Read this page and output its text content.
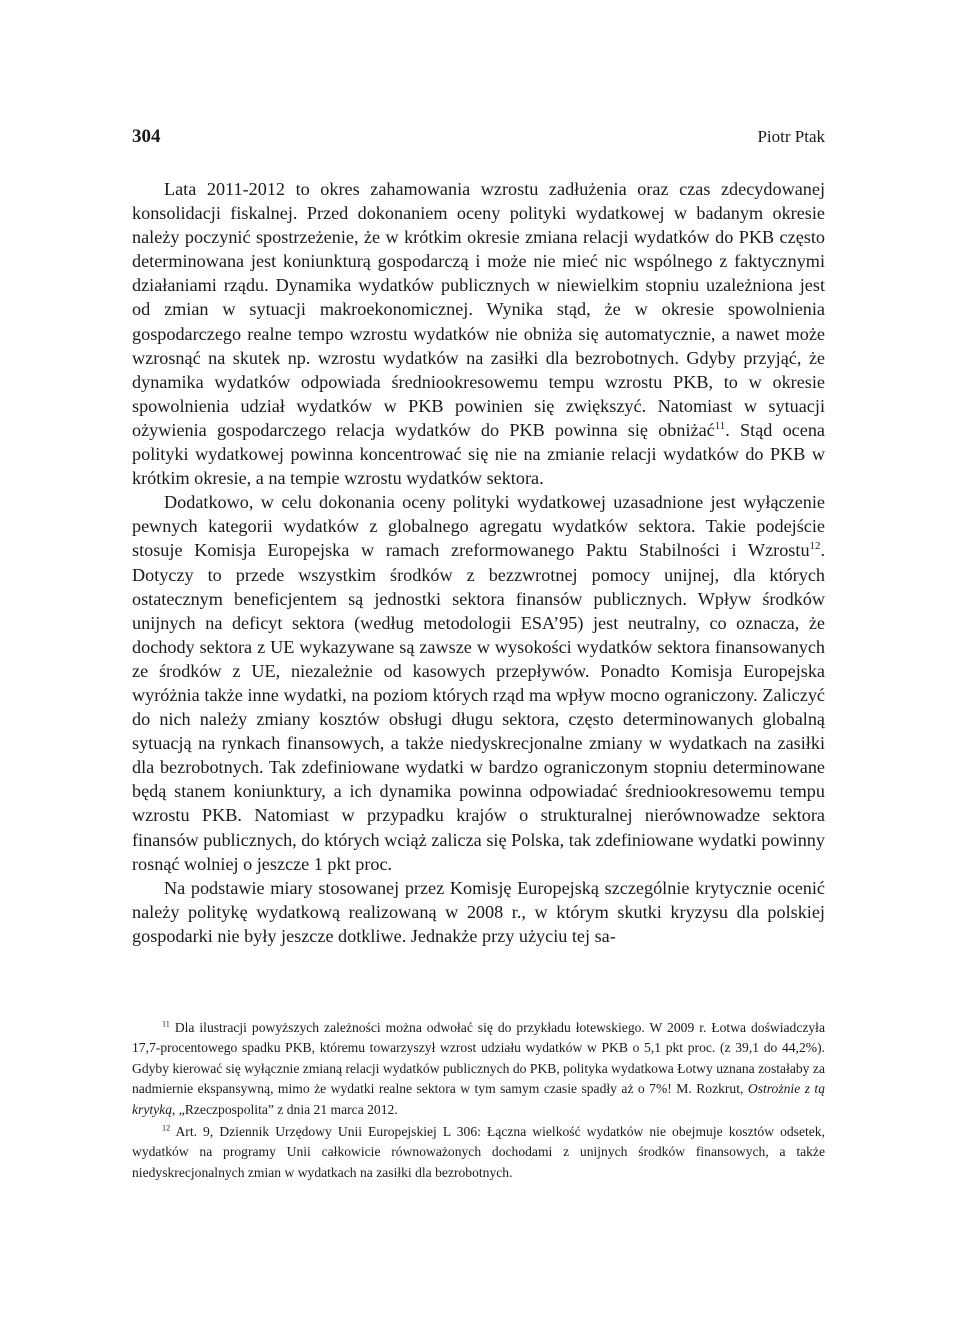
304	Piotr Ptak

Lata 2011-2012 to okres zahamowania wzrostu zadłużenia oraz czas zdecydowanej konsolidacji fiskalnej. Przed dokonaniem oceny polityki wydatkowej w badanym okresie należy poczynić spostrzeżenie, że w krótkim okresie zmiana relacji wydatków do PKB często determinowana jest koniunkturą gospodarczą i może nie mieć nic wspólnego z faktycznymi działaniami rządu. Dynamika wydatków publicznych w niewielkim stopniu uzależniona jest od zmian w sytuacji makroekonomicznej. Wynika stąd, że w okresie spowolnienia gospodarczego realne tempo wzrostu wydatków nie obniża się automatycznie, a nawet może wzrosnąć na skutek np. wzrostu wydatków na zasiłki dla bezrobotnych. Gdyby przyjąć, że dynamika wydatków odpowiada średniookresowemu tempu wzrostu PKB, to w okresie spowolnienia udział wydatków w PKB powinien się zwiększyć. Natomiast w sytuacji ożywienia gospodarczego relacja wydatków do PKB powinna się obniżać$^{11}$. Stąd ocena polityki wydatkowej powinna koncentrować się nie na zmianie relacji wydatków do PKB w krótkim okresie, a na tempie wzrostu wydatków sektora.

Dodatkowo, w celu dokonania oceny polityki wydatkowej uzasadnione jest wyłączenie pewnych kategorii wydatków z globalnego agregatu wydatków sektora. Takie podejście stosuje Komisja Europejska w ramach zreformowanego Paktu Stabilności i Wzrostu$^{12}$. Dotyczy to przede wszystkim środków z bezzwrotnej pomocy unijnej, dla których ostatecznym beneficjentem są jednostki sektora finansów publicznych. Wpływ środków unijnych na deficyt sektora (według metodologii ESA’95) jest neutralny, co oznacza, że dochody sektora z UE wykazywane są zawsze w wysokości wydatków sektora finansowanych ze środków z UE, niezależnie od kasowych przepływów. Ponadto Komisja Europejska wyróżnia także inne wydatki, na poziom których rząd ma wpływ mocno ograniczony. Zaliczyć do nich należy zmiany kosztów obsługi długu sektora, często determinowanych globalną sytuacją na rynkach finansowych, a także niedyskrecjonalne zmiany w wydatkach na zasiłki dla bezrobotnych. Tak zdefiniowane wydatki w bardzo ograniczonym stopniu determinowane będą stanem koniunktury, a ich dynamika powinna odpowiadać średniookresowemu tempu wzrostu PKB. Natomiast w przypadku krajów o strukturalnej nierównowadze sektora finansów publicznych, do których wciąż zalicza się Polska, tak zdefiniowane wydatki powinny rosnąć wolniej o jeszcze 1 pkt proc.

Na podstawie miary stosowanej przez Komisję Europejską szczególnie krytycznie ocenić należy politykę wydatkową realizowaną w 2008 r., w którym skutki kryzysu dla polskiej gospodarki nie były jeszcze dotkliwe. Jednakże przy użyciu tej sa-

$^{11}$ Dla ilustracji powyższych zależności można odwołać się do przykładu łotewskiego. W 2009 r. Łotwa doświadczyła 17,7-procentowego spadku PKB, któremu towarzyszył wzrost udziału wydatków w PKB o 5,1 pkt proc. (z 39,1 do 44,2%). Gdyby kierować się wyłącznie zmianą relacji wydatków publicznych do PKB, polityka wydatkowa Łotwy uznana zostałaby za nadmiernie ekspansywną, mimo że wydatki realne sektora w tym samym czasie spadły aż o 7%! M. Rozkrut, Ostrożnie z tą krytyką, „Rzeczpospolita” z dnia 21 marca 2012.

$^{12}$ Art. 9, Dziennik Urzędowy Unii Europejskiej L 306: Łączna wielkość wydatków nie obejmuje kosztów odsetek, wydatków na programy Unii całkowicie równoważonych dochodami z unijnych środków finansowych, a także niedyskrecjonalnych zmian w wydatkach na zasiłki dla bezrobotnych.
